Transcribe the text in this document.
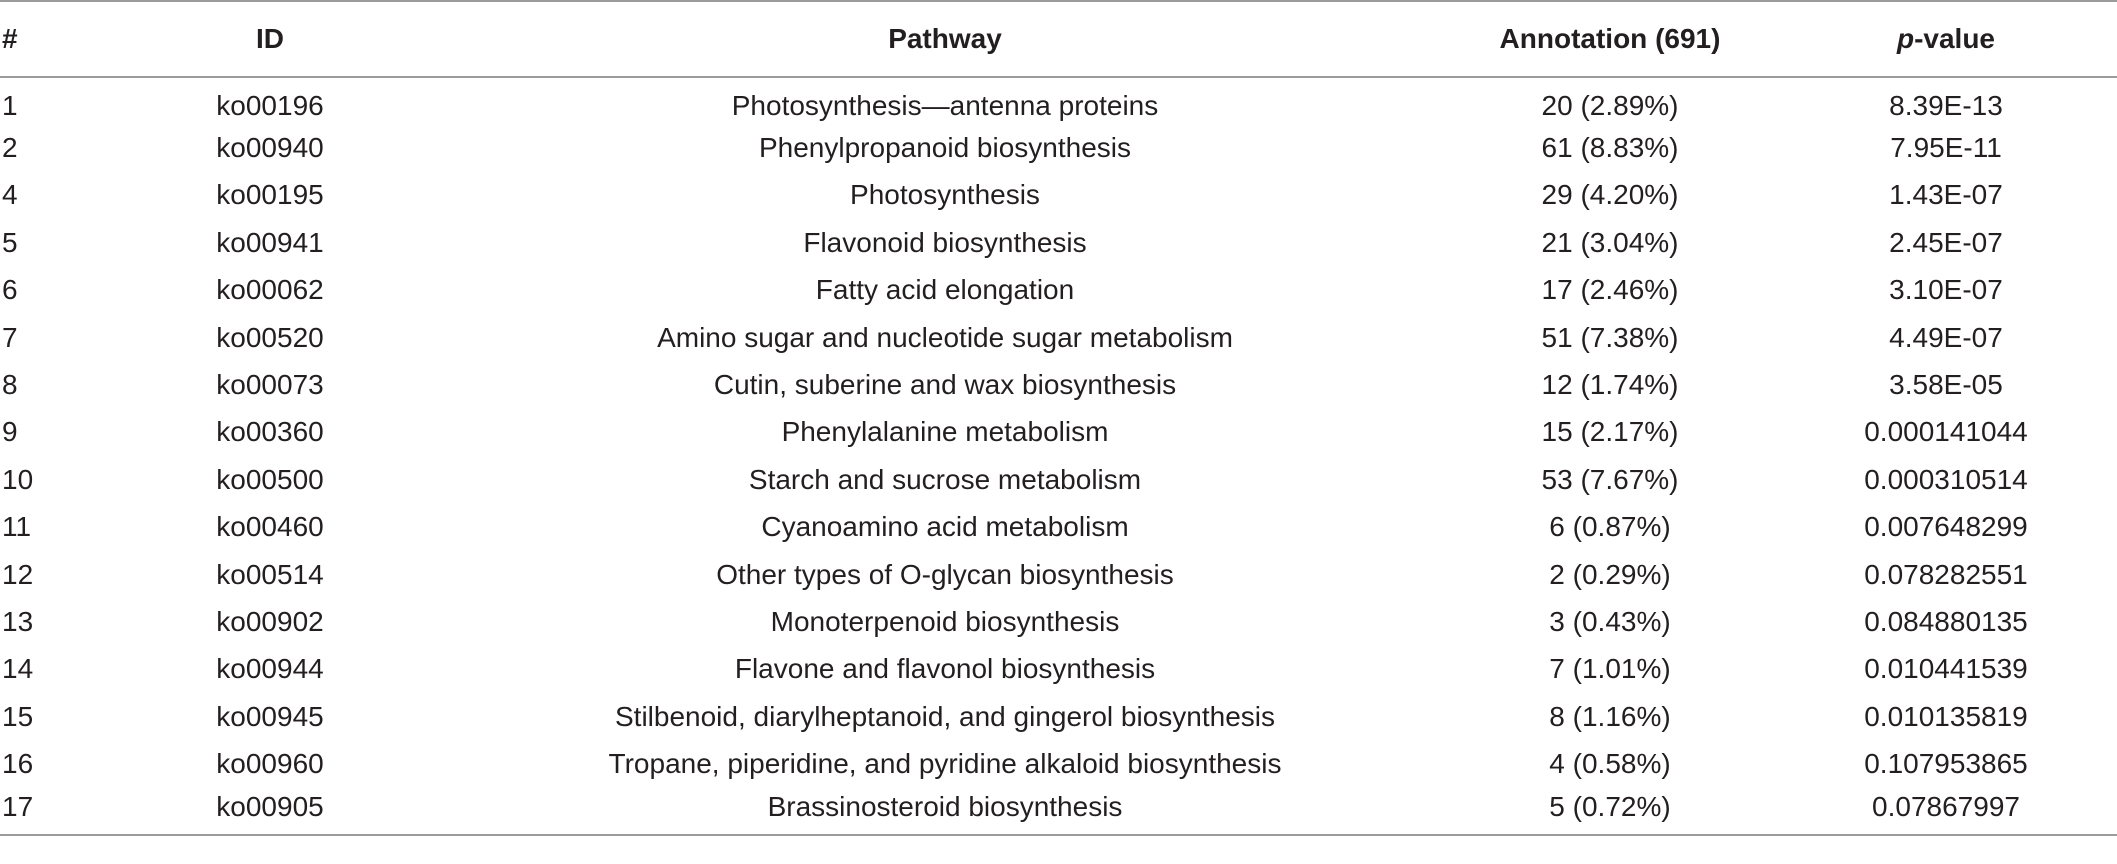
#	ID	Pathway	Annotation (691)	p-value
1	ko00196	Photosynthesis—antenna proteins	20 (2.89%)	8.39E-13
2	ko00940	Phenylpropanoid biosynthesis	61 (8.83%)	7.95E-11
4	ko00195	Photosynthesis	29 (4.20%)	1.43E-07
5	ko00941	Flavonoid biosynthesis	21 (3.04%)	2.45E-07
6	ko00062	Fatty acid elongation	17 (2.46%)	3.10E-07
7	ko00520	Amino sugar and nucleotide sugar metabolism	51 (7.38%)	4.49E-07
8	ko00073	Cutin, suberine and wax biosynthesis	12 (1.74%)	3.58E-05
9	ko00360	Phenylalanine metabolism	15 (2.17%)	0.000141044
10	ko00500	Starch and sucrose metabolism	53 (7.67%)	0.000310514
11	ko00460	Cyanoamino acid metabolism	6 (0.87%)	0.007648299
12	ko00514	Other types of O-glycan biosynthesis	2 (0.29%)	0.078282551
13	ko00902	Monoterpenoid biosynthesis	3 (0.43%)	0.084880135
14	ko00944	Flavone and flavonol biosynthesis	7 (1.01%)	0.010441539
15	ko00945	Stilbenoid, diarylheptanoid, and gingerol biosynthesis	8 (1.16%)	0.010135819
16	ko00960	Tropane, piperidine, and pyridine alkaloid biosynthesis	4 (0.58%)	0.107953865
17	ko00905	Brassinosteroid biosynthesis	5 (0.72%)	0.07867997
